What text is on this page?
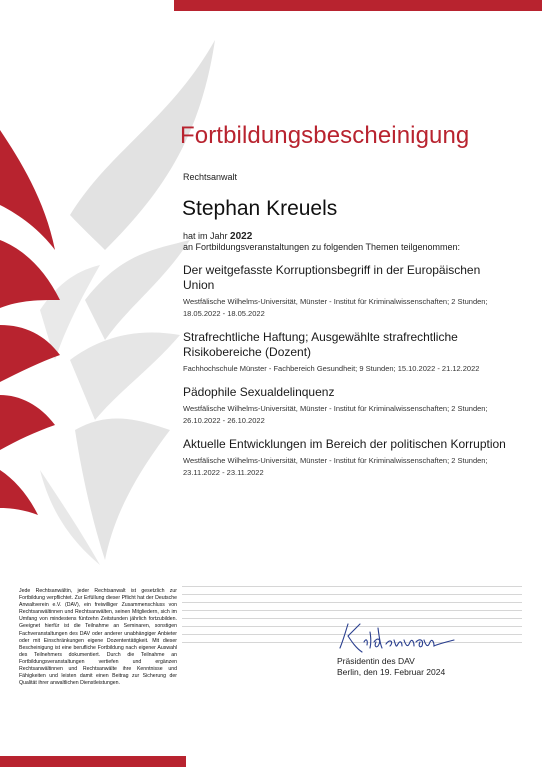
Fortbildungsbescheinigung
Rechtsanwalt
Stephan Kreuels
hat im Jahr 2022
an Fortbildungsveranstaltungen zu folgenden Themen teilgenommen:
Der weitgefasste Korruptionsbegriff in der Europäischen Union
Westfälische Wilhelms-Universität, Münster - Institut für Kriminalwissenschaften; 2 Stunden;
18.05.2022 - 18.05.2022
Strafrechtliche Haftung; Ausgewählte strafrechtliche Risikobereiche (Dozent)
Fachhochschule Münster - Fachbereich Gesundheit; 9 Stunden; 15.10.2022 - 21.12.2022
Pädophile Sexualdelinquenz
Westfälische Wilhelms-Universität, Münster - Institut für Kriminalwissenschaften; 2 Stunden;
26.10.2022 - 26.10.2022
Aktuelle Entwicklungen im Bereich der politischen Korruption
Westfälische Wilhelms-Universität, Münster - Institut für Kriminalwissenschaften; 2 Stunden;
23.11.2022 - 23.11.2022
Jede Rechtsanwältin, jeder Rechtsanwalt ist gesetzlich zur Fortbildung verpflichtet. Zur Erfüllung dieser Pflicht hat der Deutsche Anwaltverein e.V. (DAV), ein freiwilliger Zusammenschluss von Rechtsanwältinnen und Rechtsanwälten, seinen Mitgliedern, sich im Umfang von mindestens fünfzehn Zeitstunden jährlich fortzubilden. Geeignet hierfür ist die Teilnahme an Seminaren, sonstigen Fachveranstaltungen des DAV oder anderer unabhängiger Anbieter oder mit Einschränkungen eigene Dozententätigkeit. Mit dieser Bescheinigung ist eine berufliche Fortbildung nach eigener Auswahl des Teilnehmers dokumentiert. Durch die Teilnahme an Fortbildungsveranstaltungen vertiefen und ergänzen Rechtsanwältinnen und Rechtsanwälte ihre Kenntnisse und Fähigkeiten und leisten damit einen Beitrag zur Sicherung der Qualität ihrer anwaltlichen Dienstleistungen.
Präsidentin des DAV
Berlin, den 19. Februar 2024
